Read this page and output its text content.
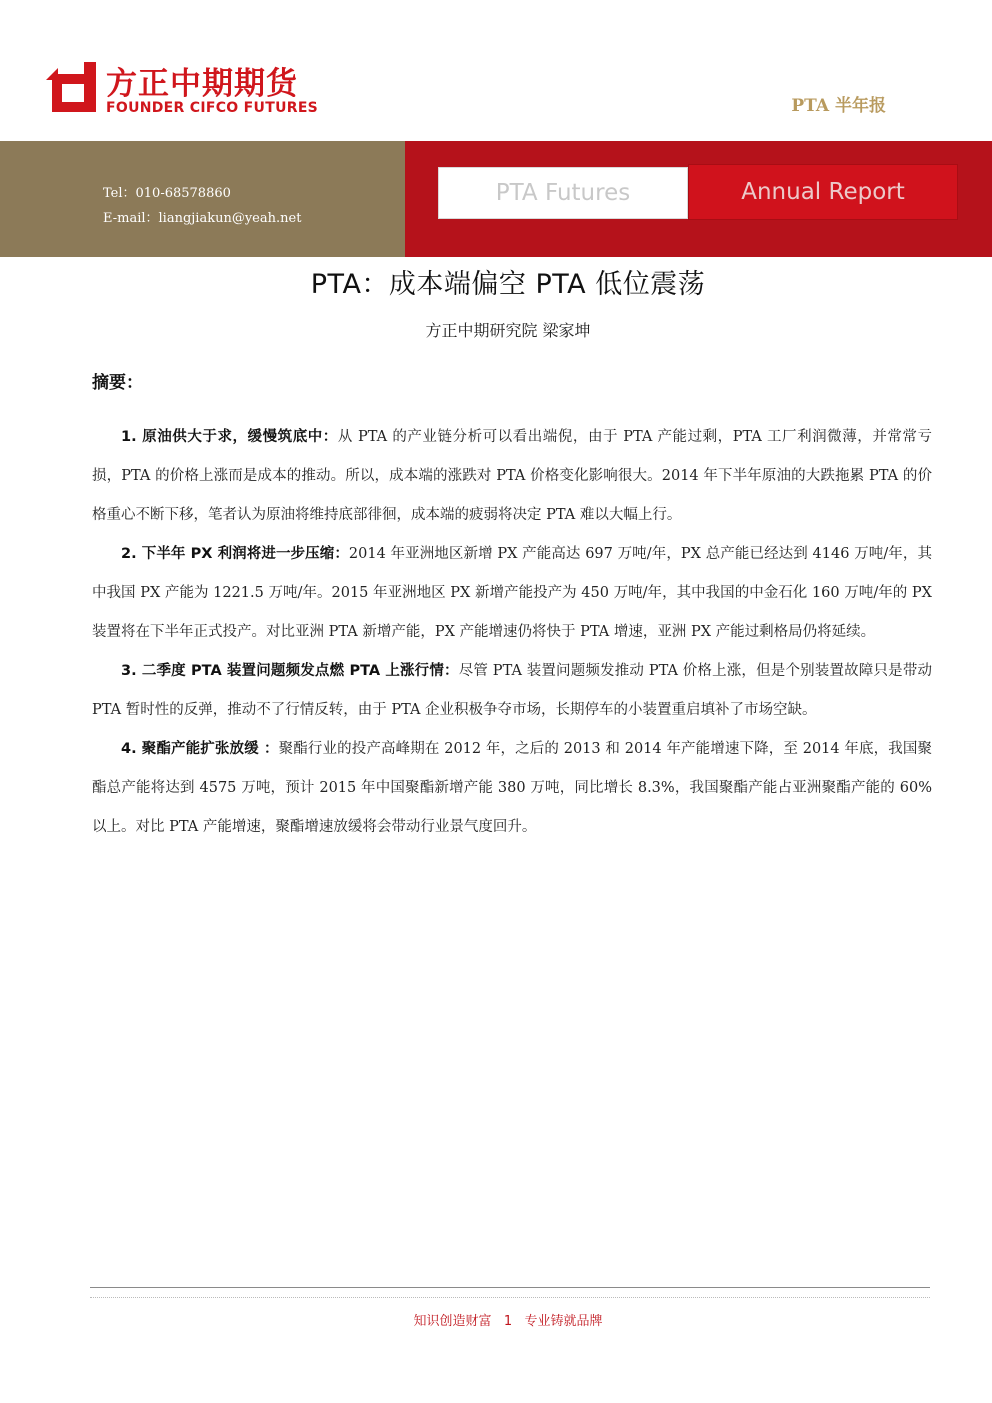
方正中期期货
FOUNDER CIFCO FUTURES	PTA 半年报
Tel：010-68578860
E-mail：liangjiakun@yeah.net
PTA Futures	Annual Report
PTA：成本端偏空 PTA 低位震荡
方正中期研究院 梁家坤
摘要：

1. 原油供大于求，缓慢筑底中：从 PTA 的产业链分析可以看出端倪，由于 PTA 产能过剩，PTA 工厂利润微薄，并常常亏损，PTA 的价格上涨而是成本的推动。所以，成本端的涨跌对 PTA 价格变化影响很大。2014 年下半年原油的大跌拖累 PTA 的价格重心不断下移，笔者认为原油将维持底部徘徊，成本端的疲弱将决定 PTA 难以大幅上行。

2. 下半年 PX 利润将进一步压缩：2014 年亚洲地区新增 PX 产能高达 697 万吨/年，PX 总产能已经达到 4146 万吨/年，其中我国 PX 产能为 1221.5 万吨/年。2015 年亚洲地区 PX 新增产能投产为 450 万吨/年，其中我国的中金石化 160 万吨/年的 PX 装置将在下半年正式投产。对比亚洲 PTA 新增产能，PX 产能增速仍将快于 PTA 增速，亚洲 PX 产能过剩格局仍将延续。

3. 二季度 PTA 装置问题频发点燃 PTA 上涨行情：尽管 PTA 装置问题频发推动 PTA 价格上涨，但是个别装置故障只是带动 PTA 暂时性的反弹，推动不了行情反转，由于 PTA 企业积极争夺市场，长期停车的小装置重启填补了市场空缺。

4. 聚酯产能扩张放缓 ：聚酯行业的投产高峰期在 2012 年，之后的 2013 和 2014 年产能增速下降，至 2014 年底，我国聚酯总产能将达到 4575 万吨，预计 2015 年中国聚酯新增产能 380 万吨，同比增长 8.3%，我国聚酯产能占亚洲聚酯产能的 60%以上。对比 PTA 产能增速，聚酯增速放缓将会带动行业景气度回升。

知识创造财富 1 专业铸就品牌
